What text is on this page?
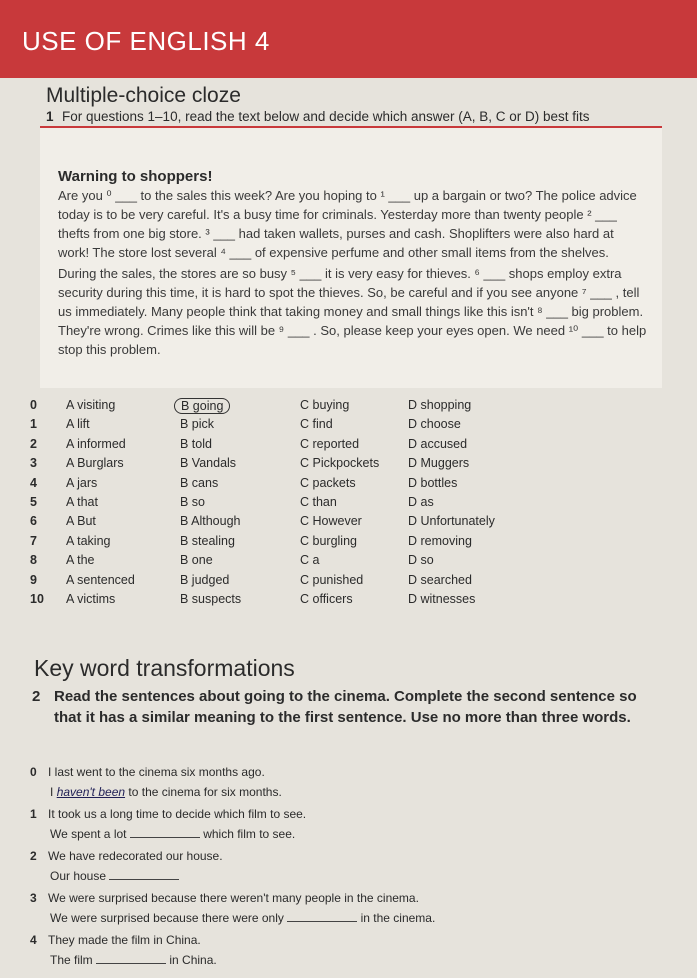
USE OF ENGLISH 4
Multiple-choice cloze
1 For questions 1–10, read the text below and decide which answer (A, B, C or D) best fits
Warning to shoppers!

Are you ⁰ ___ to the sales this week? Are you hoping to ¹ ___ up a bargain or two? The police advice today is to be very careful. It's a busy time for criminals. Yesterday more than twenty people ² ___ thefts from one big store. ³ ___ had taken wallets, purses and cash. Shoplifters were also hard at work! The store lost several ⁴ ___ of expensive perfume and other small items from the shelves.

During the sales, the stores are so busy ⁵ ___ it is very easy for thieves. ⁶ ___ shops employ extra security during this time, it is hard to spot the thieves. So, be careful and if you see anyone ⁷ ___ , tell us immediately. Many people think that taking money and small things like this isn't ⁸ ___ big problem. They're wrong. Crimes like this will be ⁹ ___ . So, please keep your eyes open. We need ¹⁰ ___ to help stop this problem.

0	A visiting	B going	C buying	D shopping
1	A lift	B pick	C find	D choose
2	A informed	B told	C reported	D accused
3	A Burglars	B Vandals	C Pickpockets D Muggers
4	A jars	B cans	C packets	D bottles
5	A that	B so	C than	D as
6	A But	B Although	C However	D Unfortunately
7	A taking	B stealing	C burgling	D removing
8	A the	B one	C a	D so
9	A sentenced	B judged	C punished	D searched
10	A victims	B suspects	C officers	D witnesses
Key word transformations
2 Read the sentences about going to the cinema. Complete the second sentence so that it has a similar meaning to the first sentence. Use no more than three words.
0 I last went to the cinema six months ago.
I haven't been to the cinema for six months.
1 It took us a long time to decide which film to see.
We spent a lot	which film to see.
2 We have redecorated our house.
Our house
3 We were surprised because there weren't many people in the cinema.
We were surprised because there were only	in the cinema.
4 They made the film in China.
The film	in China.
